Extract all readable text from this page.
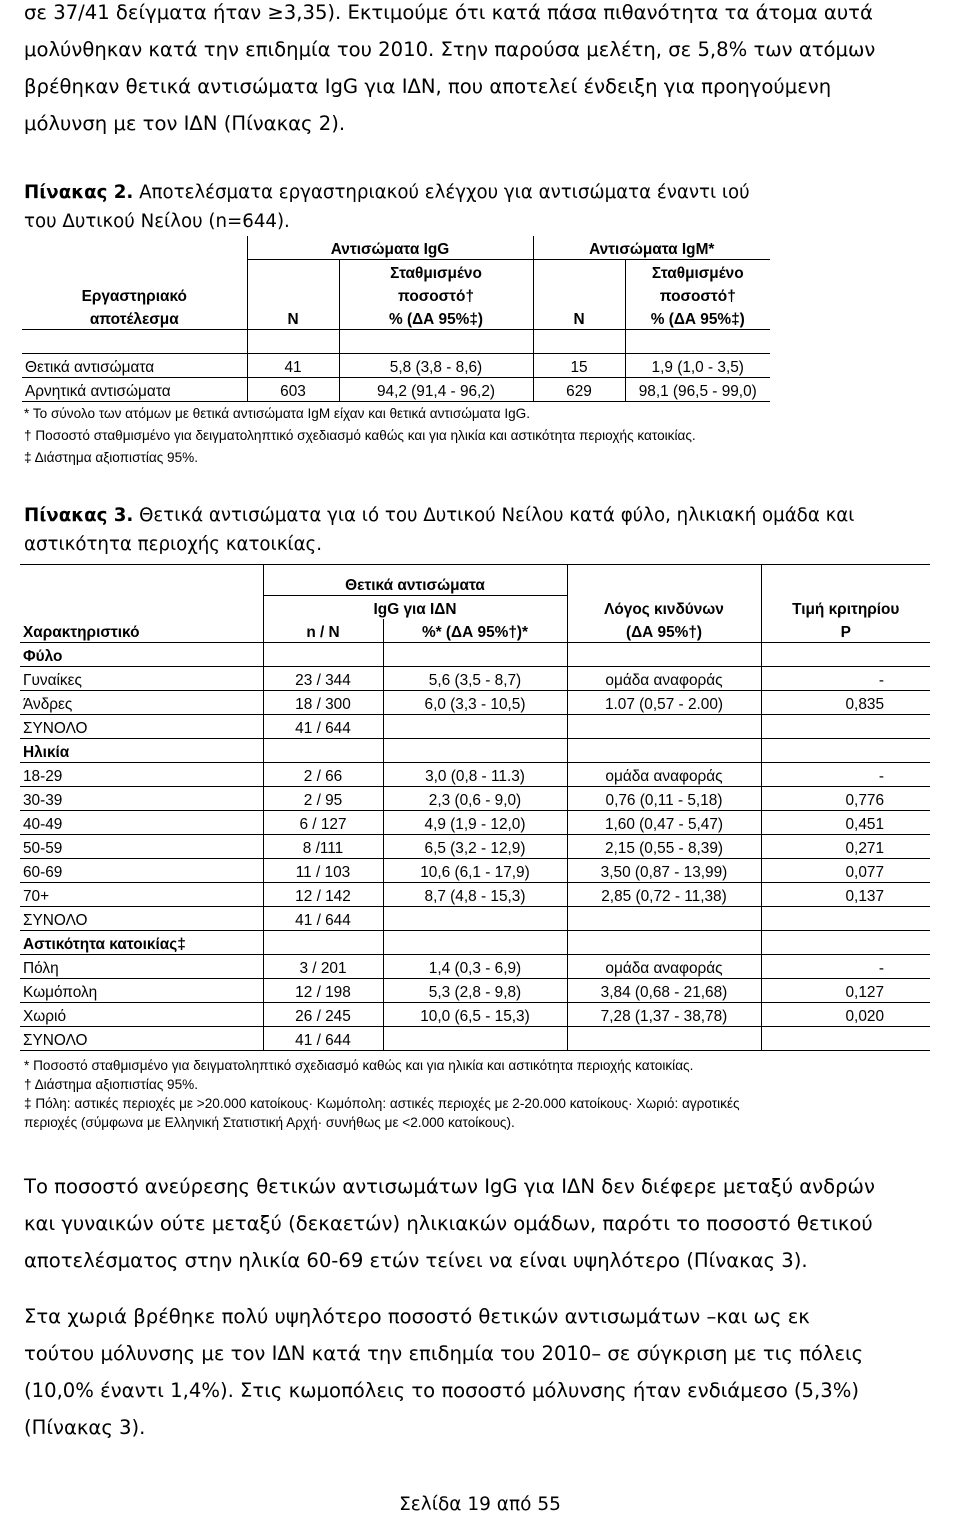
σε 37/41 δείγματα ήταν ≥3,35). Εκτιμούμε ότι κατά πάσα πιθανότητα τα άτομα αυτά
μολύνθηκαν κατά την επιδημία του 2010. Στην παρούσα μελέτη, σε 5,8% των ατόμων
βρέθηκαν θετικά αντισώματα IgG για ΙΔΝ, που αποτελεί ένδειξη για προηγούμενη
μόλυνση με τον ΙΔΝ (Πίνακας 2).
Πίνακας 2. Αποτελέσματα εργαστηριακού ελέγχου για αντισώματα έναντι ιού
του Δυτικού Νείλου (n=644).
	Αντισώματα IgG		Αντισώματα IgM*	
		Σταθμισμένο		Σταθμισμένο
Εργαστηριακό		ποσοστό†		ποσοστό†
αποτέλεσμα	N	% (ΔΑ 95%‡)	N	% (ΔΑ 95%‡)

Θετικά αντισώματα	41	5,8 (3,8 - 8,6)	15	1,9 (1,0 - 3,5)
Αρνητικά αντισώματα	603	94,2 (91,4 - 96,2)	629	98,1 (96,5 - 99,0)
* Το σύνολο των ατόμων με θετικά αντισώματα IgM είχαν και θετικά αντισώματα IgG.
† Ποσοστό σταθμισμένο για δειγματοληπτικό σχεδιασμό καθώς και για ηλικία και αστικότητα περιοχής κατοικίας.
‡ Διάστημα αξιοπιστίας 95%.
Πίνακας 3. Θετικά αντισώματα για ιό του Δυτικού Νείλου κατά φύλο, ηλικιακή ομάδα και
αστικότητα περιοχής κατοικίας.
	Θετικά αντισώματα			
	IgG για ΙΔΝ		Λόγος κινδύνων	Τιμή κριτηρίου
Χαρακτηριστικό	n / N	%* (ΔΑ 95%†)*	(ΔΑ 95%†)	P
Φύλο				
Γυναίκες	23 / 344	5,6 (3,5 - 8,7)	ομάδα αναφοράς	-
Άνδρες	18 / 300	6,0 (3,3 - 10,5)	1.07 (0,57 - 2.00)	0,835
ΣΥΝΟΛΟ	41 / 644			
Ηλικία				
18-29	2 / 66	3,0 (0,8 - 11.3)	ομάδα αναφοράς	-
30-39	2 / 95	2,3 (0,6 - 9,0)	0,76 (0,11 - 5,18)	0,776
40-49	6 / 127	4,9 (1,9 - 12,0)	1,60 (0,47 - 5,47)	0,451
50-59	8 /111	6,5 (3,2 - 12,9)	2,15 (0,55 - 8,39)	0,271
60-69	11 / 103	10,6 (6,1 - 17,9)	3,50 (0,87 - 13,99)	0,077
70+	12 / 142	8,7 (4,8 - 15,3)	2,85 (0,72 - 11,38)	0,137
ΣΥΝΟΛΟ	41 / 644			
Αστικότητα κατοικίας‡				
Πόλη	3 / 201	1,4 (0,3 - 6,9)	ομάδα αναφοράς	-
Κωμόπολη	12 / 198	5,3 (2,8 - 9,8)	3,84 (0,68 - 21,68)	0,127
Χωριό	26 / 245	10,0 (6,5 - 15,3)	7,28 (1,37 - 38,78)	0,020
ΣΥΝΟΛΟ	41 / 644			
* Ποσοστό σταθμισμένο για δειγματοληπτικό σχεδιασμό καθώς και για ηλικία και αστικότητα περιοχής κατοικίας.
† Διάστημα αξιοπιστίας 95%.
‡ Πόλη: αστικές περιοχές με >20.000 κατοίκους· Κωμόπολη: αστικές περιοχές με 2-20.000 κατοίκους· Χωριό: αγροτικές
περιοχές (σύμφωνα με Ελληνική Στατιστική Αρχή· συνήθως με <2.000 κατοίκους).
Το ποσοστό ανεύρεσης θετικών αντισωμάτων IgG για ΙΔΝ δεν διέφερε μεταξύ ανδρών
και γυναικών ούτε μεταξύ (δεκαετών) ηλικιακών ομάδων, παρότι το ποσοστό θετικού
αποτελέσματος στην ηλικία 60-69 ετών τείνει να είναι υψηλότερο (Πίνακας 3).
Στα χωριά βρέθηκε πολύ υψηλότερο ποσοστό θετικών αντισωμάτων –και ως εκ
τούτου μόλυνσης με τον ΙΔΝ κατά την επιδημία του 2010– σε σύγκριση με τις πόλεις
(10,0% έναντι 1,4%). Στις κωμοπόλεις το ποσοστό μόλυνσης ήταν ενδιάμεσο (5,3%)
(Πίνακας 3).
Σελίδα 19 από 55
